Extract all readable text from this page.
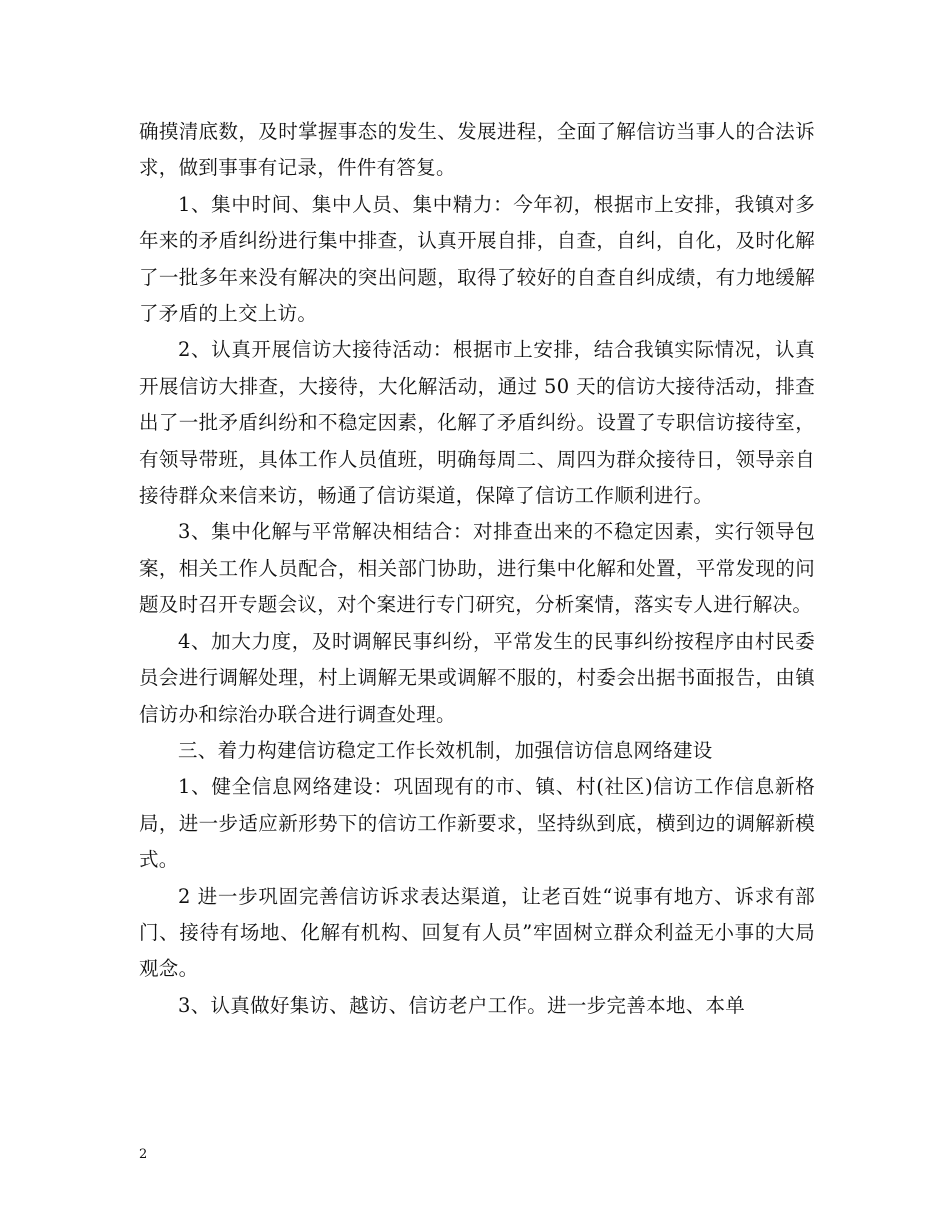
确摸清底数，及时掌握事态的发生、发展进程，全面了解信访当事人的合法诉求，做到事事有记录，件件有答复。

1、集中时间、集中人员、集中精力：今年初，根据市上安排，我镇对多年来的矛盾纠纷进行集中排查，认真开展自排，自查，自纠，自化，及时化解了一批多年来没有解决的突出问题，取得了较好的自查自纠成绩，有力地缓解了矛盾的上交上访。

2、认真开展信访大接待活动：根据市上安排，结合我镇实际情况，认真开展信访大排查，大接待，大化解活动，通过 50 天的信访大接待活动，排查出了一批矛盾纠纷和不稳定因素，化解了矛盾纠纷。设置了专职信访接待室，有领导带班，具体工作人员值班，明确每周二、周四为群众接待日，领导亲自接待群众来信来访，畅通了信访渠道，保障了信访工作顺利进行。

3、集中化解与平常解决相结合：对排查出来的不稳定因素，实行领导包案，相关工作人员配合，相关部门协助，进行集中化解和处置，平常发现的问题及时召开专题会议，对个案进行专门研究，分析案情，落实专人进行解决。

4、加大力度，及时调解民事纠纷，平常发生的民事纠纷按程序由村民委员会进行调解处理，村上调解无果或调解不服的，村委会出据书面报告，由镇信访办和综治办联合进行调查处理。

三、着力构建信访稳定工作长效机制，加强信访信息网络建设

1、健全信息网络建设：巩固现有的市、镇、村(社区)信访工作信息新格局，进一步适应新形势下的信访工作新要求，坚持纵到底，横到边的调解新模式。

2 进一步巩固完善信访诉求表达渠道，让老百姓“说事有地方、诉求有部门、接待有场地、化解有机构、回复有人员”牢固树立群众利益无小事的大局观念。

3、认真做好集访、越访、信访老户工作。进一步完善本地、本单

2
